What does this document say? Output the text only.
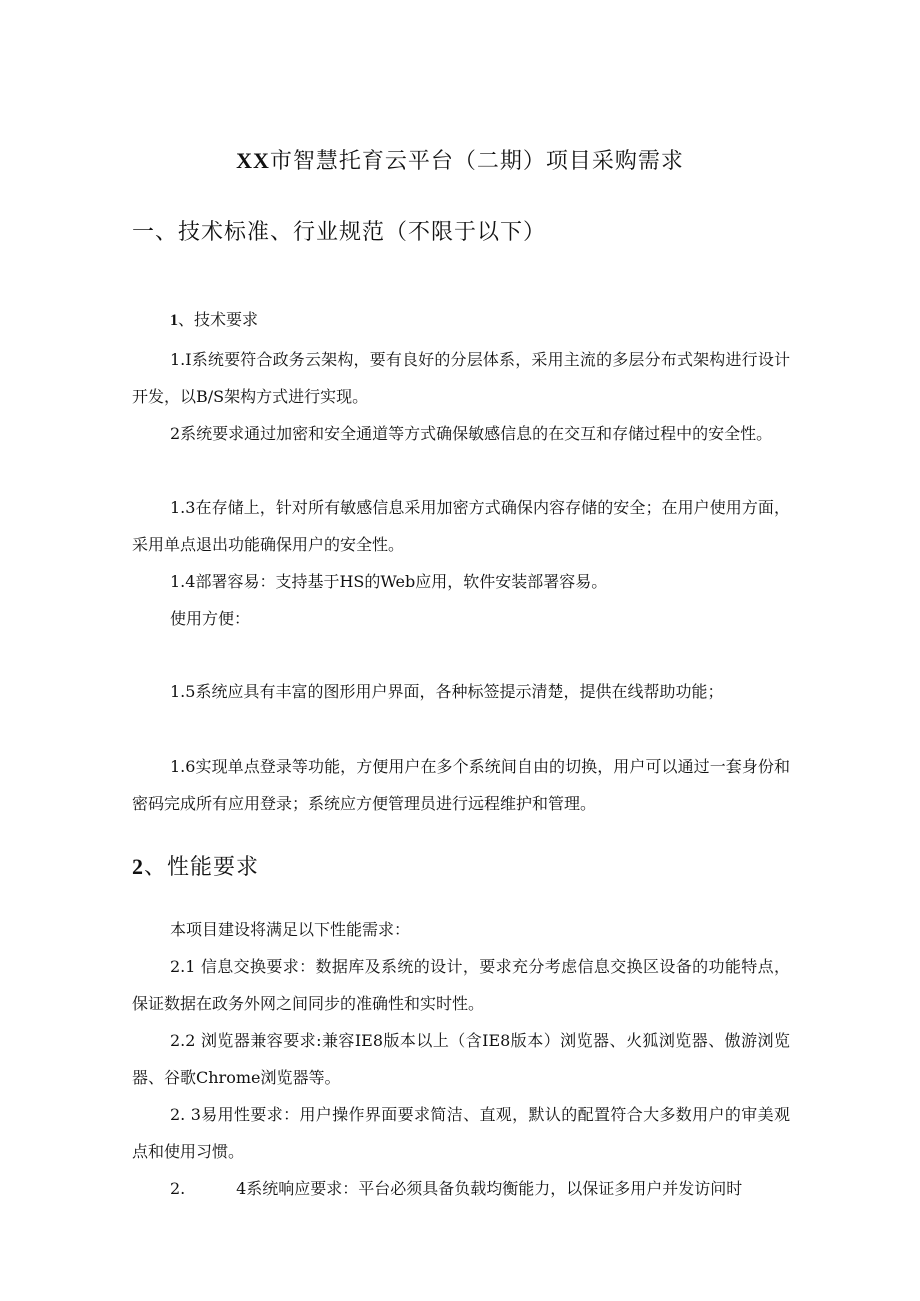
XX市智慧托育云平台（二期）项目采购需求
一、技术标准、行业规范（不限于以下）
1、技术要求
1.I系统要符合政务云架构，要有良好的分层体系，采用主流的多层分布式架构进行设计开发，以B/S架构方式进行实现。
2系统要求通过加密和安全通道等方式确保敏感信息的在交互和存储过程中的安全性。
1.3在存储上，针对所有敏感信息采用加密方式确保内容存储的安全；在用户使用方面，采用单点退出功能确保用户的安全性。
1.4部署容易：支持基于HS的Web应用，软件安装部署容易。
使用方便：
1.5系统应具有丰富的图形用户界面，各种标签提示清楚，提供在线帮助功能；
1.6实现单点登录等功能，方便用户在多个系统间自由的切换，用户可以通过一套身份和密码完成所有应用登录；系统应方便管理员进行远程维护和管理。
2、性能要求
本项目建设将满足以下性能需求：
2.1 信息交换要求：数据库及系统的设计，要求充分考虑信息交换区设备的功能特点，保证数据在政务外网之间同步的准确性和实时性。
2.2 浏览器兼容要求:兼容IE8版本以上（含IE8版本）浏览器、火狐浏览器、傲游浏览器、谷歌Chrome浏览器等。
2. 3易用性要求：用户操作界面要求简洁、直观，默认的配置符合大多数用户的审美观点和使用习惯。
2.          4系统响应要求：平台必须具备负载均衡能力，以保证多用户并发访问时
